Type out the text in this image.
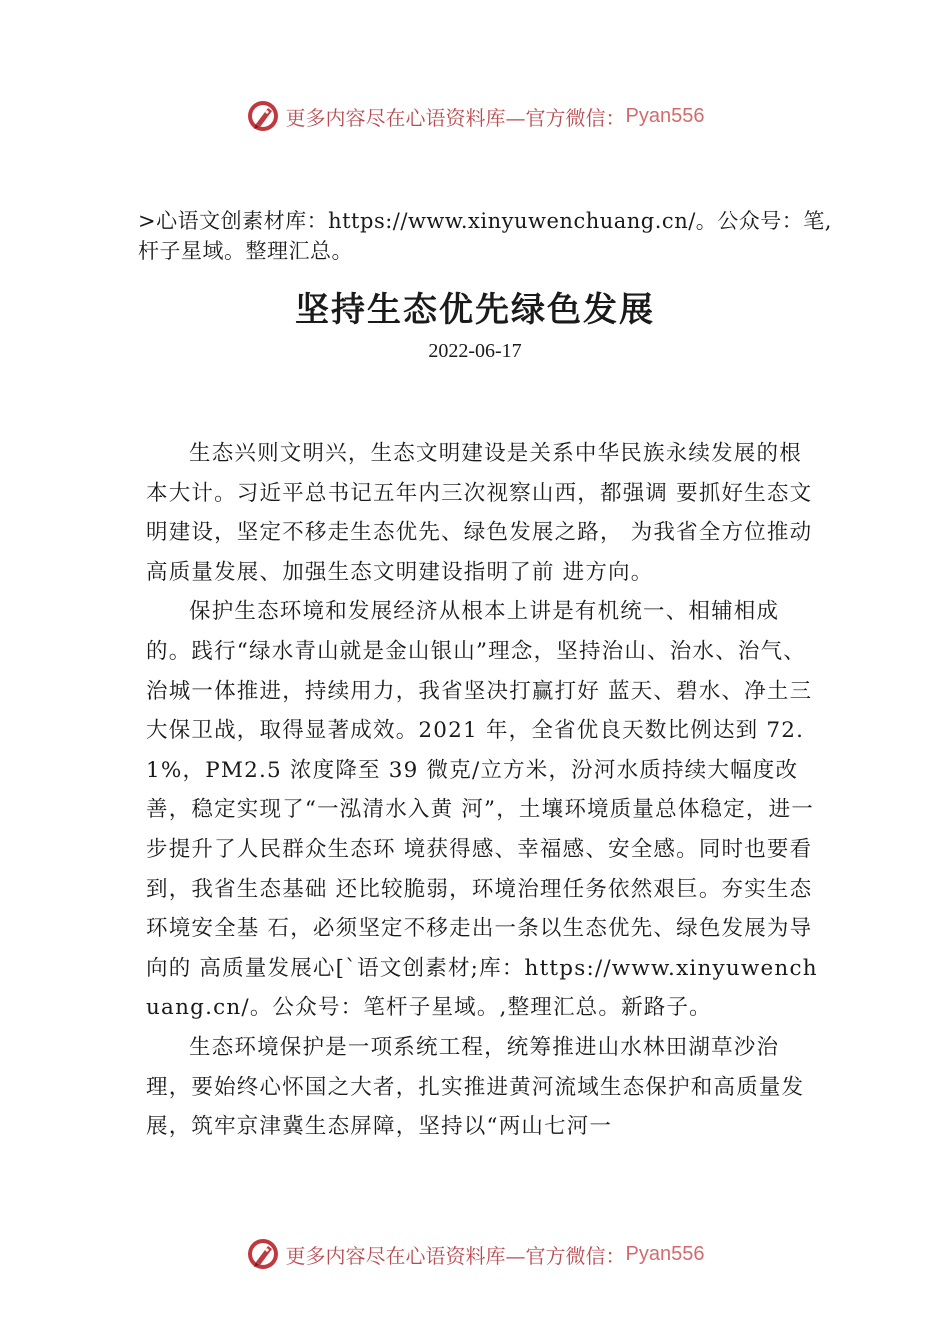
更多内容尽在心语资料库—官方微信： Pyan556
>心语文创素材库：https://www.xinyuwenchuang.cn/。公众号：笔,杆子星域。整理汇总。
坚持生态优先绿色发展
2022-06-17

生态兴则文明兴，生态文明建设是关系中华民族永续发展的根本大计。习近平总书记五年内三次视察山西，都强调 要抓好生态文明建设，坚定不移走生态优先、绿色发展之路， 为我省全方位推动高质量发展、加强生态文明建设指明了前 进方向。

保护生态环境和发展经济从根本上讲是有机统一、相辅相成的。践行“绿水青山就是金山银山”理念，坚持治山、治水、治气、治城一体推进，持续用力，我省坚决打赢打好 蓝天、碧水、净土三大保卫战，取得显著成效。2021 年，全省优良天数比例达到 72.1%，PM2.5 浓度降至 39 微克/立方米，汾河水质持续大幅度改善，稳定实现了“一泓清水入黄 河”，土壤环境质量总体稳定，进一步提升了人民群众生态环 境获得感、幸福感、安全感。同时也要看到，我省生态基础 还比较脆弱，环境治理任务依然艰巨。夯实生态环境安全基 石，必须坚定不移走出一条以生态优先、绿色发展为导向的 高质量发展心[`语文创素材;库：https://www.xinyuwenchuang.cn/。公众号：笔杆子星域。,整理汇总。新路子。

生态环境保护是一项系统工程，统筹推进山水林田湖草沙治理，要始终心怀国之大者，扎实推进黄河流域生态保护和高质量发展，筑牢京津冀生态屏障，坚持以“两山七河一

更多内容尽在心语资料库—官方微信： Pyan556
